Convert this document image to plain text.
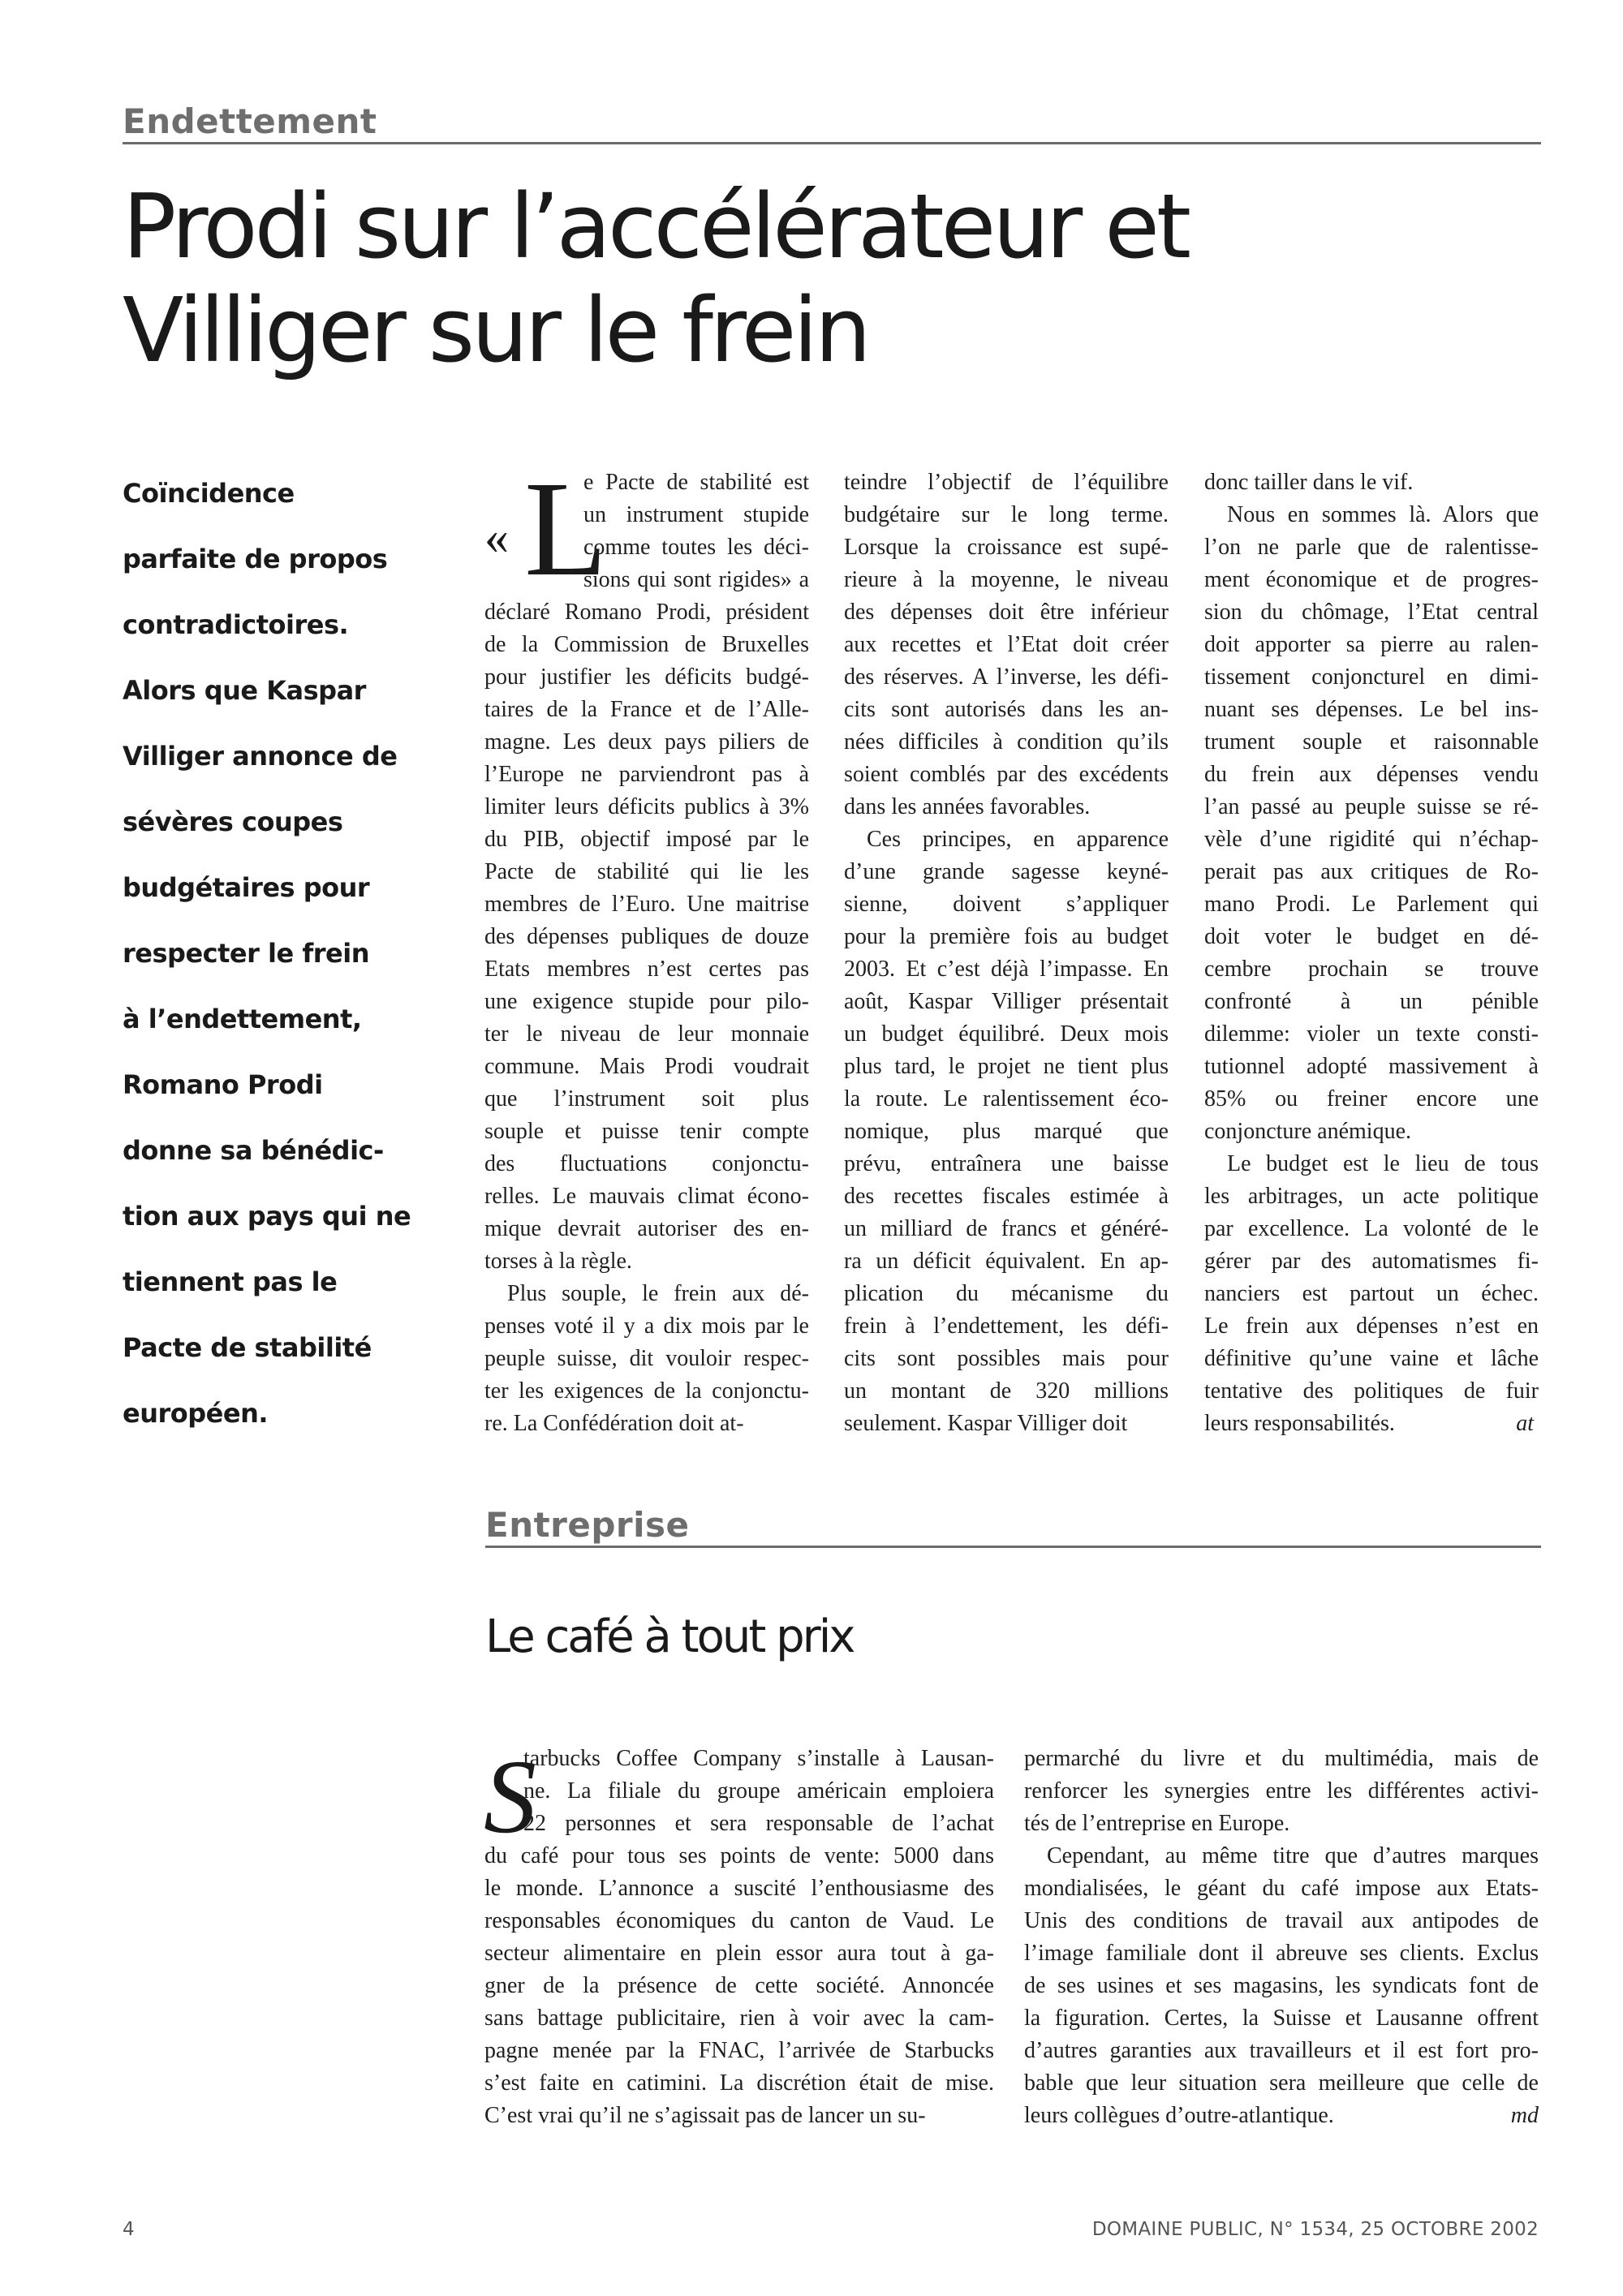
Endettement
Prodi sur l’accélérateur et
Villiger sur le frein
Coïncidence
parfaite de propos
contradictoires.
Alors que Kaspar
Villiger annonce de
sévères coupes
budgétaires pour
respecter le frein
à l’endettement,
Romano Prodi
donne sa bénédic-
tion aux pays qui ne
tiennent pas le
Pacte de stabilité
européen.
« L
e Pacte de stabilité est
un instrument stupide
comme toutes les déci-
sions qui sont rigides» a
déclaré Romano Prodi, président
de la Commission de Bruxelles
pour justifier les déficits budgé-
taires de la France et de l’Alle-
magne. Les deux pays piliers de
l’Europe ne parviendront pas à
limiter leurs déficits publics à 3%
du PIB, objectif imposé par le
Pacte de stabilité qui lie les
membres de l’Euro. Une maitrise
des dépenses publiques de douze
Etats membres n’est certes pas
une exigence stupide pour pilo-
ter le niveau de leur monnaie
commune. Mais Prodi voudrait
que l’instrument soit plus
souple et puisse tenir compte
des fluctuations conjonctu-
relles. Le mauvais climat écono-
mique devrait autoriser des en-
torses à la règle.
Plus souple, le frein aux dé-
penses voté il y a dix mois par le
peuple suisse, dit vouloir respec-
ter les exigences de la conjonctu-
re. La Confédération doit at-
teindre l’objectif de l’équilibre
budgétaire sur le long terme.
Lorsque la croissance est supé-
rieure à la moyenne, le niveau
des dépenses doit être inférieur
aux recettes et l’Etat doit créer
des réserves. A l’inverse, les défi-
cits sont autorisés dans les an-
nées difficiles à condition qu’ils
soient comblés par des excédents
dans les années favorables.
Ces principes, en apparence
d’une grande sagesse keyné-
sienne, doivent s’appliquer
pour la première fois au budget
2003. Et c’est déjà l’impasse. En
août, Kaspar Villiger présentait
un budget équilibré. Deux mois
plus tard, le projet ne tient plus
la route. Le ralentissement éco-
nomique, plus marqué que
prévu, entraînera une baisse
des recettes fiscales estimée à
un milliard de francs et généré-
ra un déficit équivalent. En ap-
plication du mécanisme du
frein à l’endettement, les défi-
cits sont possibles mais pour
un montant de 320 millions
seulement. Kaspar Villiger doit
donc tailler dans le vif.
Nous en sommes là. Alors que
l’on ne parle que de ralentisse-
ment économique et de progres-
sion du chômage, l’Etat central
doit apporter sa pierre au ralen-
tissement conjoncturel en dimi-
nuant ses dépenses. Le bel ins-
trument souple et raisonnable
du frein aux dépenses vendu
l’an passé au peuple suisse se ré-
vèle d’une rigidité qui n’échap-
perait pas aux critiques de Ro-
mano Prodi. Le Parlement qui
doit voter le budget en dé-
cembre prochain se trouve
confronté à un pénible
dilemme: violer un texte consti-
tutionnel adopté massivement à
85% ou freiner encore une
conjoncture anémique.
Le budget est le lieu de tous
les arbitrages, un acte politique
par excellence. La volonté de le
gérer par des automatismes fi-
nanciers est partout un échec.
Le frein aux dépenses n’est en
définitive qu’une vaine et lâche
tentative des politiques de fuir
leurs responsabilités.	at
Entreprise
Le café à tout prix
S
tarbucks Coffee Company s’installe à Lausan-
ne. La filiale du groupe américain emploiera
22 personnes et sera responsable de l’achat
du café pour tous ses points de vente: 5000 dans
le monde. L’annonce a suscité l’enthousiasme des
responsables économiques du canton de Vaud. Le
secteur alimentaire en plein essor aura tout à ga-
gner de la présence de cette société. Annoncée
sans battage publicitaire, rien à voir avec la cam-
pagne menée par la FNAC, l’arrivée de Starbucks
s’est faite en catimini. La discrétion était de mise.
C’est vrai qu’il ne s’agissait pas de lancer un su-
permarché du livre et du multimédia, mais de
renforcer les synergies entre les différentes activi-
tés de l’entreprise en Europe.
Cependant, au même titre que d’autres marques
mondialisées, le géant du café impose aux Etats-
Unis des conditions de travail aux antipodes de
l’image familiale dont il abreuve ses clients. Exclus
de ses usines et ses magasins, les syndicats font de
la figuration. Certes, la Suisse et Lausanne offrent
d’autres garanties aux travailleurs et il est fort pro-
bable que leur situation sera meilleure que celle de
leurs collègues d’outre-atlantique.	md
4	DOMAINE PUBLIC, N° 1534, 25 OCTOBRE 2002
